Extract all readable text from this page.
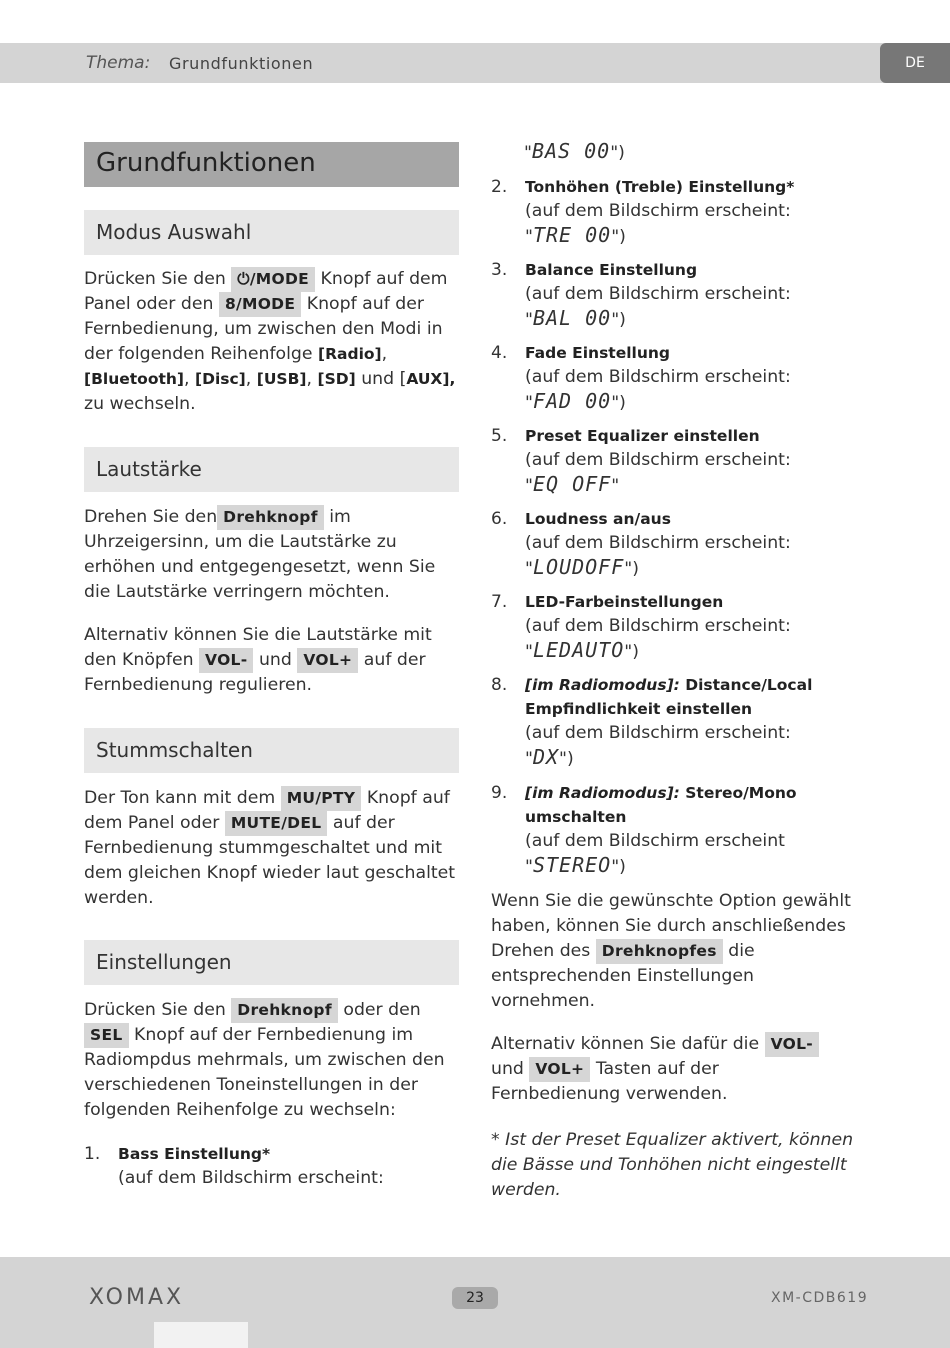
Thema: Grundfunktionen	DE
Grundfunktionen
Modus Auswahl
Drücken Sie den ⏻/MODE Knopf auf dem Panel oder den 8/MODE Knopf auf der Fernbedienung, um zwischen den Modi in der folgenden Reihenfolge [Radio], [Bluetooth], [Disc], [USB], [SD] und [AUX], zu wechseln.
Lautstärke
Drehen Sie den Drehknopf im Uhrzeigersinn, um die Lautstärke zu erhöhen und entgegengesetzt, wenn Sie die Lautstärke verringern möchten.
Alternativ können Sie die Lautstärke mit den Knöpfen VOL- und VOL+ auf der Fernbedienung regulieren.
Stummschalten
Der Ton kann mit dem MU/PTY Knopf auf dem Panel oder MUTE/DEL auf der Fernbedienung stummgeschaltet und mit dem gleichen Knopf wieder laut geschaltet werden.
Einstellungen
Drücken Sie den Drehknopf oder den SEL Knopf auf der Fernbedienung im Radiompdus mehrmals, um zwischen den verschiedenen Toneinstellungen in der folgenden Reihenfolge zu wechseln:
1. Bass Einstellung*
(auf dem Bildschirm erscheint:
"BAS 00")
2. Tonhöhen (Treble) Einstellung*
(auf dem Bildschirm erscheint:
"TRE 00")
3. Balance Einstellung
(auf dem Bildschirm erscheint:
"BAL 00")
4. Fade Einstellung
(auf dem Bildschirm erscheint:
"FAD 00")
5. Preset Equalizer einstellen
(auf dem Bildschirm erscheint:
"EQ OFF"
6. Loudness an/aus
(auf dem Bildschirm erscheint:
"LOUDOFF")
7. LED-Farbeinstellungen
(auf dem Bildschirm erscheint:
"LEDAUTO")
8. [im Radiomodus]: Distance/Local Empfindlichkeit einstellen
(auf dem Bildschirm erscheint:
"DX")
9. [im Radiomodus]: Stereo/Mono umschalten
(auf dem Bildschirm erscheint
"STEREO")
Wenn Sie die gewünschte Option gewählt haben, können Sie durch anschließendes Drehen des Drehknopfes die entsprechenden Einstellungen vornehmen.
Alternativ können Sie dafür die VOL- und VOL+ Tasten auf der Fernbedienung verwenden.
* Ist der Preset Equalizer aktivert, können die Bässe und Tonhöhen nicht eingestellt werden.
XOMAX	23	XM-CDB619
